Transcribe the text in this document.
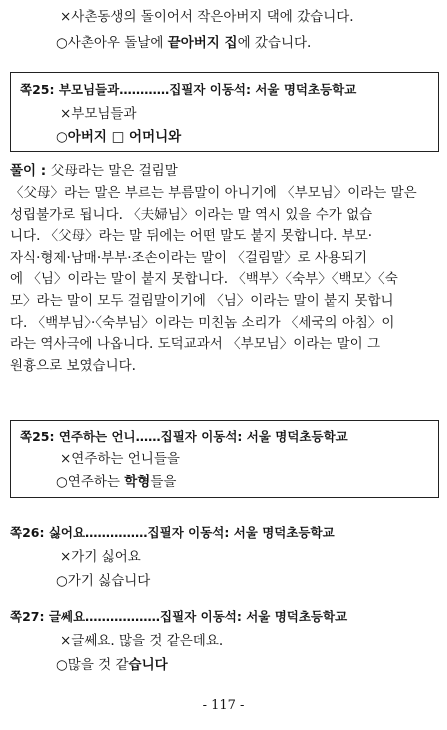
×사촌동생의 돌이어서 작은아버지 댁에 갔습니다.
○사촌아우 돌날에 끝아버지 집에 갔습니다.
쪽25: 부모님들과…………집필자 이동석: 서울 명덕초등학교
×부모님들과
○아버지 □ 어머니와
풀이 : 父母라는 말은 걸림말
〈父母〉라는 말은 부르는 부름말이 아니기에 〈부모님〉이라는 말은
성립불가로 됩니다. 〈夫婦님〉이라는 말 역시 있을 수가 없습
니다. 〈父母〉라는 말 뒤에는 어떤 말도 붙지 못합니다. 부모·
자식·형제·남매·부부·조손이라는 말이 〈걸림말〉로 사용되기
에 〈님〉이라는 말이 붙지 못합니다. 〈백부〉〈숙부〉〈백모〉〈숙
모〉라는 말이 모두 걸림말이기에 〈님〉이라는 말이 붙지 못합니
다. 〈백부님〉·〈숙부님〉이라는 미친놈 소리가 〈세국의 아침〉이
라는 역사극에 나옵니다. 도덕교과서 〈부모님〉이라는 말이 그
원흉으로 보였습니다.
쪽25: 연주하는 언니……집필자 이동석: 서울 명덕초등학교
×연주하는 언니들을
○연주하는 학형들을
쪽26: 싫어요……………집필자 이동석: 서울 명덕초등학교
×가기 싫어요
○가기 싫습니다
쪽27: 글쎄요………………집필자 이동석: 서울 명덕초등학교
×글쎄요. 많을 것 같은데요.
○많을 것 같습니다
- 117 -
